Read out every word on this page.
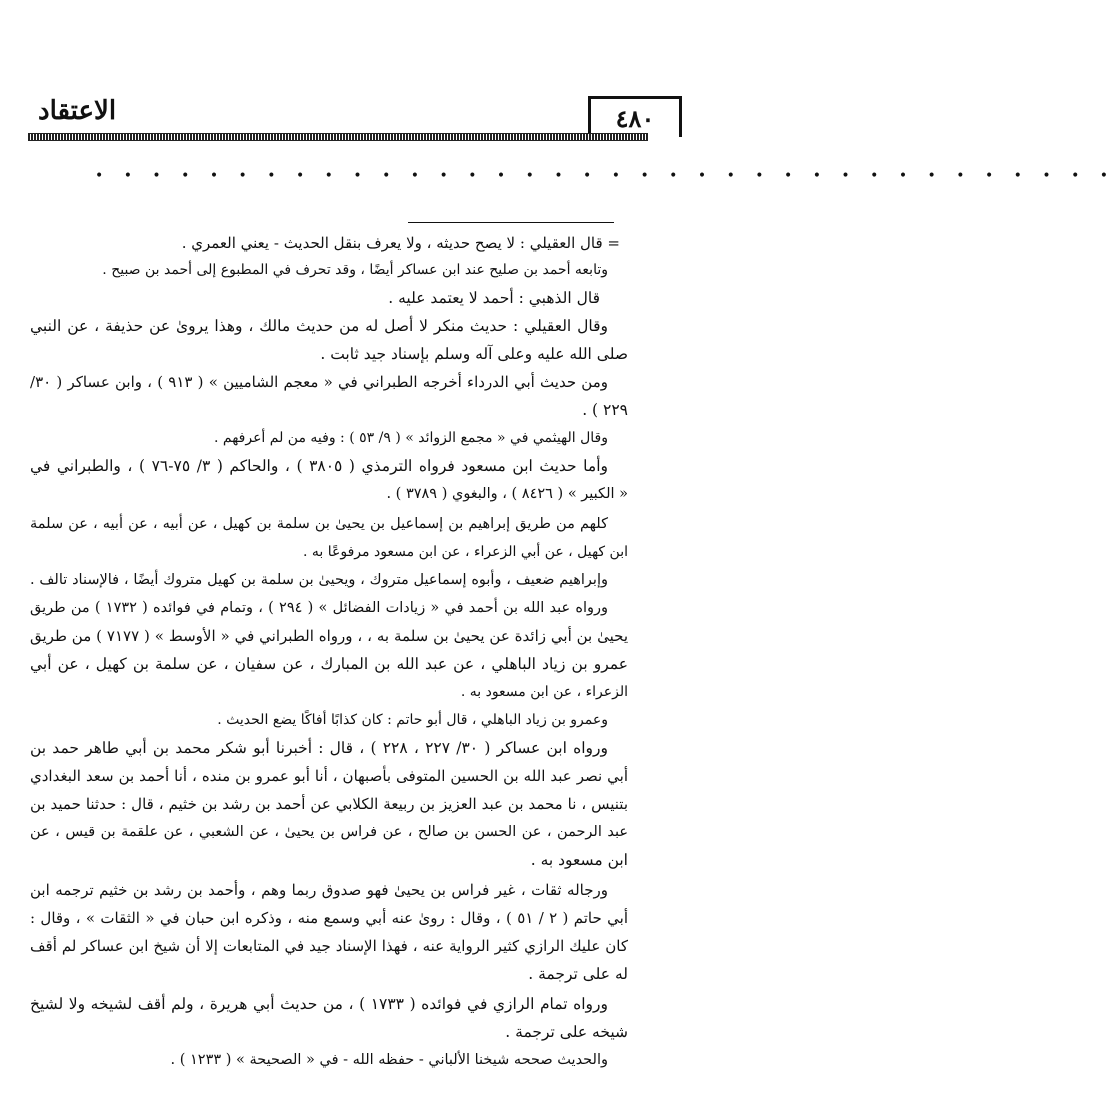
الاعتقاد	٤٨٠
• • • • • • • • • • • • • • • • • • • • • • • • • • • • • • • • • • • •
= قال العقيلي : لا يصح حديثه ، ولا يعرف بنقل الحديث - يعني العمري .
وتابعه أحمد بن صليح عند ابن عساكر أيضًا ، وقد تحرف في المطبوع إلى أحمد بن صبيح .
قال الذهبي : أحمد لا يعتمد عليه .
وقال العقيلي : حديث منكر لا أصل له من حديث مالك ، وهذا يروىٰ عن حذيفة ، عن النبي
صلى الله عليه وعلى آله وسلم بإسناد جيد ثابت .
ومن حديث أبي الدرداء أخرجه الطبراني في « معجم الشاميين » ( ٩١٣ ) ، وابن عساكر ( ٣٠/
٢٢٩ ) .
وقال الهيثمي في « مجمع الزوائد » ( ٩/ ٥٣ ) : وفيه من لم أعرفهم .
وأما حديث ابن مسعود فرواه الترمذي ( ٣٨٠٥ ) ، والحاكم ( ٣/ ٧٥-٧٦ ) ، والطبراني في
« الكبير » ( ٨٤٢٦ ) ، والبغوي ( ٣٧٨٩ ) .
كلهم من طريق إبراهيم بن إسماعيل بن يحيىٰ بن سلمة بن كهيل ، عن أبيه ، عن أبيه ، عن سلمة
ابن كهيل ، عن أبي الزعراء ، عن ابن مسعود مرفوعًا به .
وإبراهيم ضعيف ، وأبوه إسماعيل متروك ، ويحيىٰ بن سلمة بن كهيل متروك أيضًا ، فالإسناد تالف .
ورواه عبد الله بن أحمد في « زيادات الفضائل » ( ٢٩٤ ) ، وتمام في فوائده ( ١٧٣٢ ) من طريق
يحيىٰ بن أبي زائدة عن يحيىٰ بن سلمة به ، ، ورواه الطبراني في « الأوسط » ( ٧١٧٧ ) من طريق
عمرو بن زياد الباهلي ، عن عبد الله بن المبارك ، عن سفيان ، عن سلمة بن كهيل ، عن أبي
الزعراء ، عن ابن مسعود به .
وعمرو بن زياد الباهلي ، قال أبو حاتم : كان كذابًا أفاكًا يضع الحديث .
ورواه ابن عساكر ( ٣٠/ ٢٢٧ ، ٢٢٨ ) ، قال : أخبرنا أبو شكر محمد بن أبي طاهر حمد بن
أبي نصر عبد الله بن الحسين المتوفى بأصبهان ، أنا أبو عمرو بن منده ، أنا أحمد بن سعد البغدادي
بتنيس ، نا محمد بن عبد العزيز بن ربيعة الكلابي عن أحمد بن رشد بن خثيم ، قال : حدثنا حميد بن
عبد الرحمن ، عن الحسن بن صالح ، عن فراس بن يحيىٰ ، عن الشعبي ، عن علقمة بن قيس ، عن
ابن مسعود به .
ورجاله ثقات ، غير فراس بن يحيىٰ فهو صدوق ربما وهم ، وأحمد بن رشد بن خثيم ترجمه ابن
أبي حاتم ( ٢ / ٥١ ) ، وقال : روىٰ عنه أبي وسمع منه ، وذكره ابن حبان في « الثقات » ، وقال :
كان عليك الرازي كثير الرواية عنه ، فهذا الإسناد جيد في المتابعات إلا أن شيخ ابن عساكر لم أقف
له على ترجمة .
ورواه تمام الرازي في فوائده ( ١٧٣٣ ) ، من حديث أبي هريرة ، ولم أقف لشيخه ولا لشيخ
شيخه على ترجمة .
والحديث صححه شيخنا الألباني - حفظه الله - في « الصحيحة » ( ١٢٣٣ ) .
